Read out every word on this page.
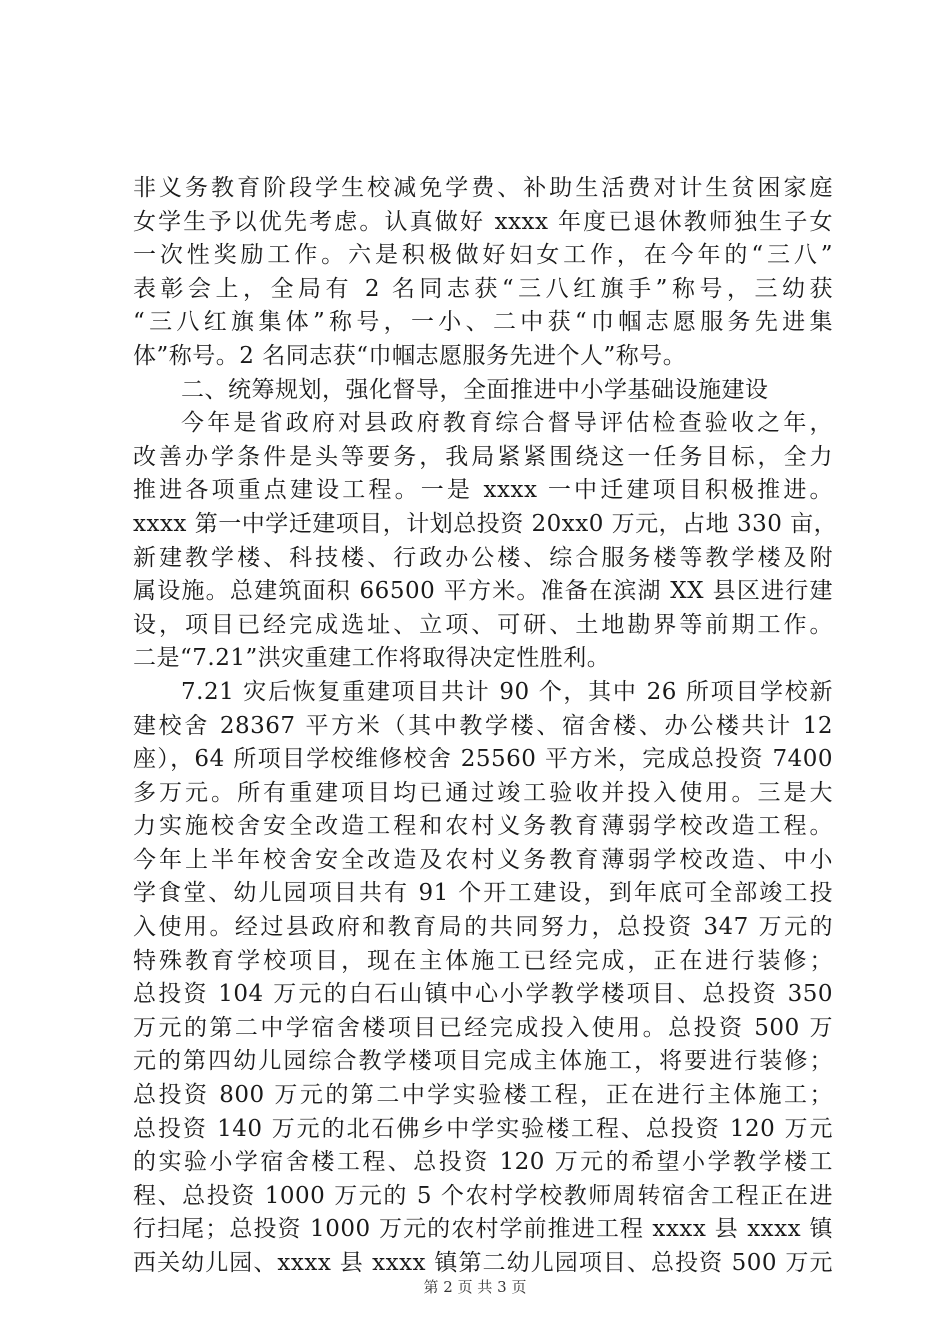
非义务教育阶段学生校减免学费、补助生活费对计生贫困家庭
女学生予以优先考虑。认真做好 xxxx 年度已退休教师独生子女
一次性奖励工作。六是积极做好妇女工作，在今年的“三八”
表彰会上，全局有 2 名同志获“三八红旗手”称号，三幼获
“三八红旗集体”称号，一小、二中获“巾帼志愿服务先进集
体”称号。2 名同志获“巾帼志愿服务先进个人”称号。
二、统筹规划，强化督导，全面推进中小学基础设施建设
今年是省政府对县政府教育综合督导评估检查验收之年，
改善办学条件是头等要务，我局紧紧围绕这一任务目标，全力
推进各项重点建设工程。一是 xxxx 一中迁建项目积极推进。
xxxx 第一中学迁建项目，计划总投资 20xx0 万元，占地 330 亩，
新建教学楼、科技楼、行政办公楼、综合服务楼等教学楼及附
属设施。总建筑面积 66500 平方米。准备在滨湖 XX 县区进行建
设，项目已经完成选址、立项、可研、土地勘界等前期工作。
二是“7.21”洪灾重建工作将取得决定性胜利。
7.21 灾后恢复重建项目共计 90 个，其中 26 所项目学校新
建校舍 28367 平方米（其中教学楼、宿舍楼、办公楼共计 12
座），64 所项目学校维修校舍 25560 平方米，完成总投资 7400
多万元。所有重建项目均已通过竣工验收并投入使用。三是大
力实施校舍安全改造工程和农村义务教育薄弱学校改造工程。
今年上半年校舍安全改造及农村义务教育薄弱学校改造、中小
学食堂、幼儿园项目共有 91 个开工建设，到年底可全部竣工投
入使用。经过县政府和教育局的共同努力，总投资 347 万元的
特殊教育学校项目，现在主体施工已经完成，正在进行装修；
总投资 104 万元的白石山镇中心小学教学楼项目、总投资 350
万元的第二中学宿舍楼项目已经完成投入使用。总投资 500 万
元的第四幼儿园综合教学楼项目完成主体施工，将要进行装修；
总投资 800 万元的第二中学实验楼工程，正在进行主体施工；
总投资 140 万元的北石佛乡中学实验楼工程、总投资 120 万元
的实验小学宿舍楼工程、总投资 120 万元的希望小学教学楼工
程、总投资 1000 万元的 5 个农村学校教师周转宿舍工程正在进
行扫尾；总投资 1000 万元的农村学前推进工程 xxxx 县 xxxx 镇
西关幼儿园、xxxx 县 xxxx 镇第二幼儿园项目、总投资 500 万元
第 2 页 共 3 页
